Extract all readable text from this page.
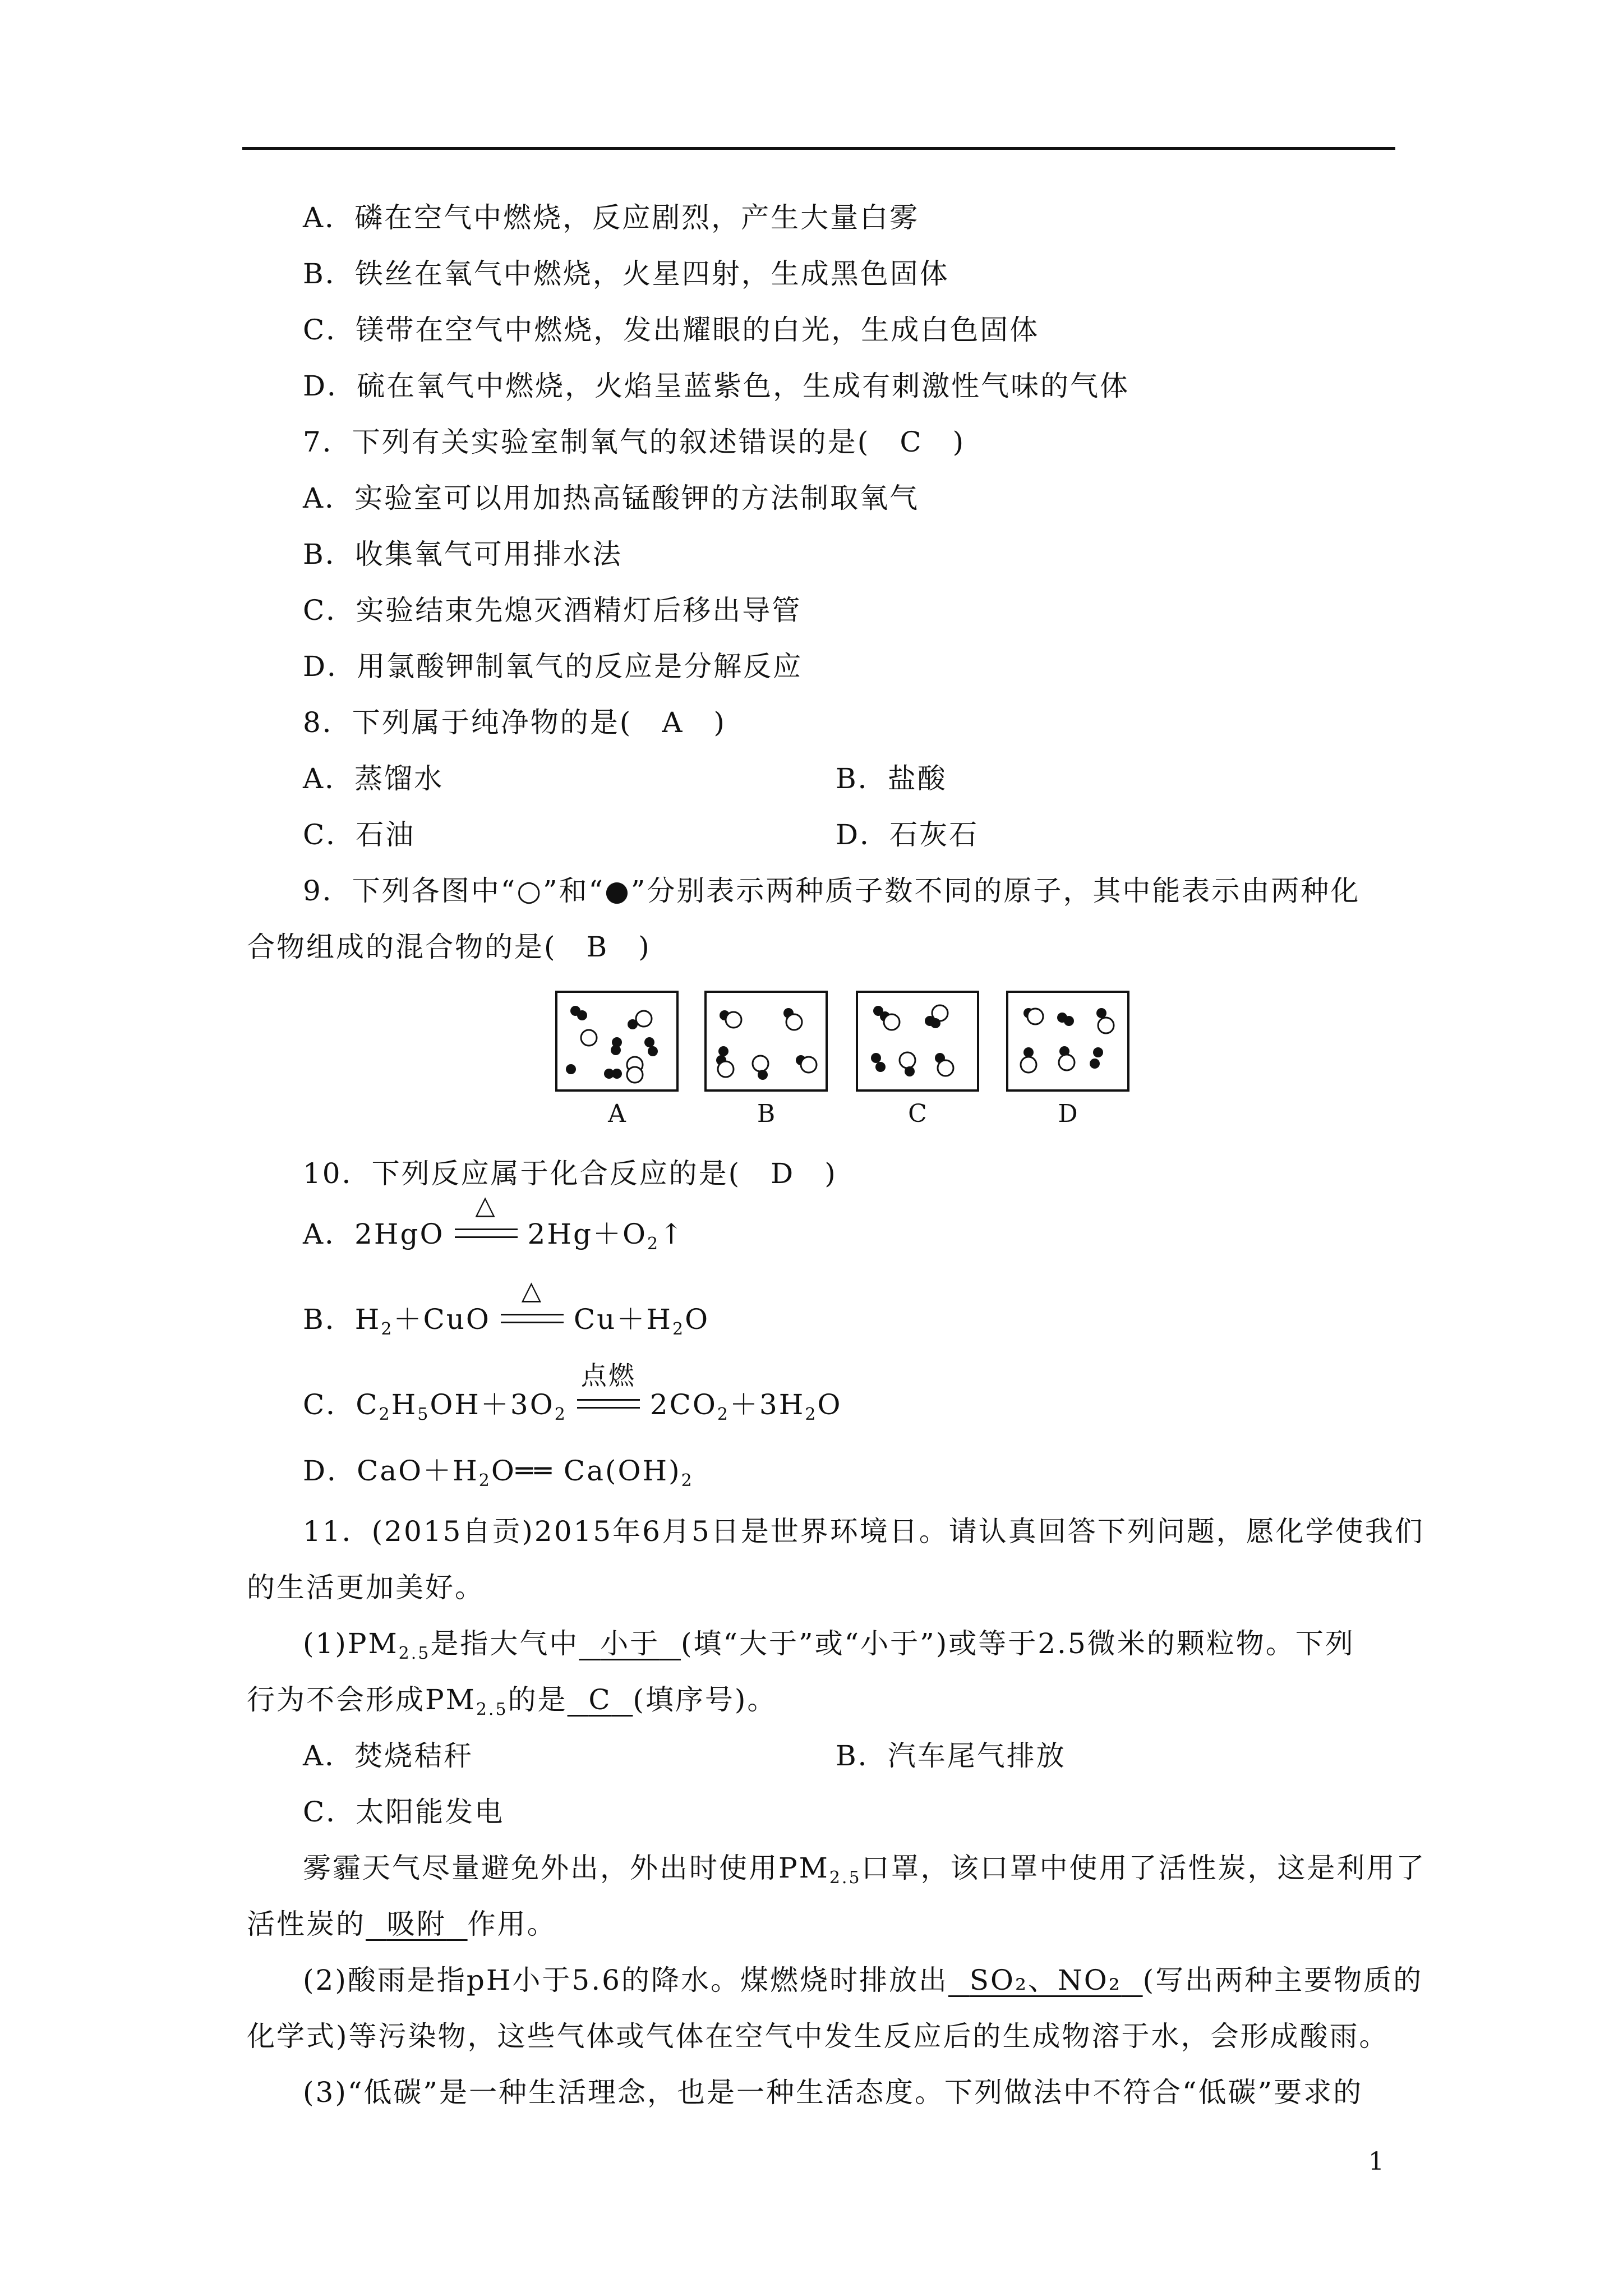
A．磷在空气中燃烧，反应剧烈，产生大量白雾
B．铁丝在氧气中燃烧，火星四射，生成黑色固体
C．镁带在空气中燃烧，发出耀眼的白光，生成白色固体
D．硫在氧气中燃烧，火焰呈蓝紫色，生成有刺激性气味的气体
7．下列有关实验室制氧气的叙述错误的是(　C　)
A．实验室可以用加热高锰酸钾的方法制取氧气
B．收集氧气可用排水法
C．实验结束先熄灭酒精灯后移出导管
D．用氯酸钾制氧气的反应是分解反应
8．下列属于纯净物的是(　A　)
A．蒸馏水	B．盐酸
C．石油	D．石灰石
9．下列各图中“○”和“●”分别表示两种质子数不同的原子，其中能表示由两种化
合物组成的混合物的是(　B　)
A	B	C	D
10．下列反应属于化合反应的是(　D　)
A．2HgO
△
$2Hg+O_2↑$
B．$H_2+CuO$
△
$Cu+H_2O$
C．$C_2H_5OH+3O_2$
点燃
$2CO_2+3H_2O$
D．$CaO+H_2O══$ $Ca(OH)_2$
11．(2015自贡)2015年6月5日是世界环境日。请认真回答下列问题，愿化学使我们
的生活更加美好。
$(1)PM_{2.5}$是指大气中 小于 (填“大于”或“小于”)或等于2.5微米的颗粒物。下列
行为不会形成$PM_{2.5}$的是 C (填序号)。
A．焚烧秸秆	B．汽车尾气排放
C．太阳能发电
雾霾天气尽量避免外出，外出时使用$PM_{2.5}$口罩，该口罩中使用了活性炭，这是利用了
活性炭的 吸附 作用。
(2)酸雨是指pH小于5.6的降水。煤燃烧时排放出 SO₂、NO₂ (写出两种主要物质的
化学式)等污染物，这些气体或气体在空气中发生反应后的生成物溶于水，会形成酸雨。
(3)“低碳”是一种生活理念，也是一种生活态度。下列做法中不符合“低碳”要求的
1
